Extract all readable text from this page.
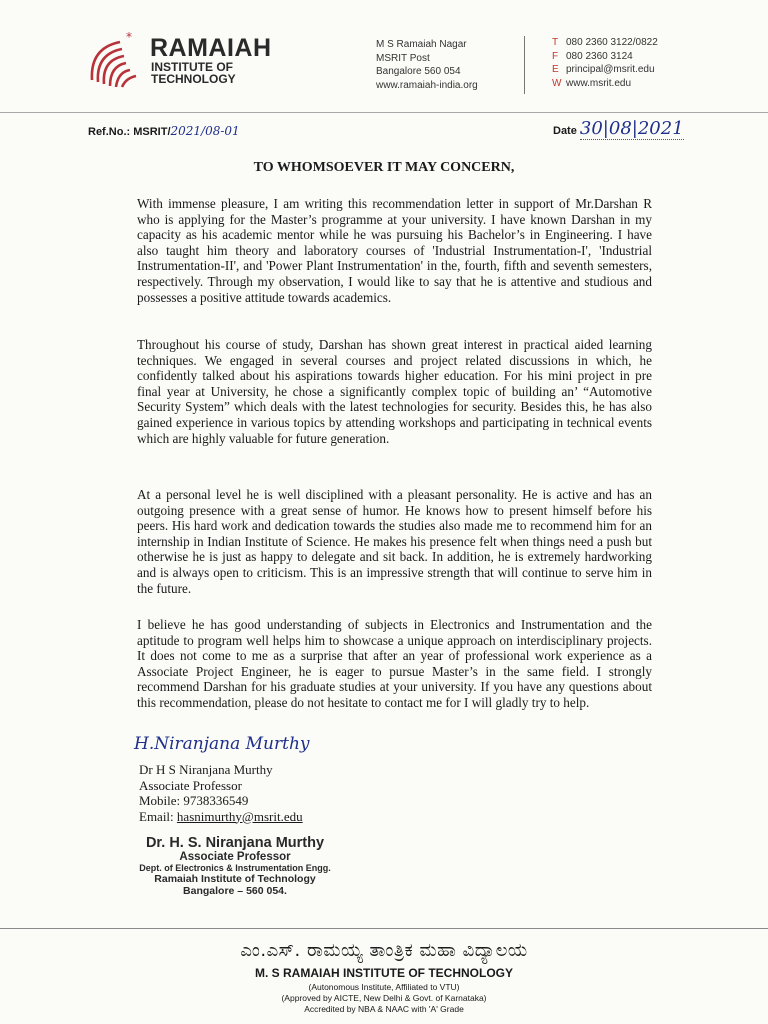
* RAMAIAH
INSTITUTE OF
TECHNOLOGY
M S Ramaiah Nagar
MSRIT Post
Bangalore 560 054
www.ramaiah-india.org
T 080 2360 3122/0822
F 080 2360 3124
E principal@msrit.edu
W www.msrit.edu
Ref.No.: MSRIT/2021/08-01	Date 30|08|2021
TO WHOMSOEVER IT MAY CONCERN,

With immense pleasure, I am writing this recommendation letter in support of Mr.Darshan R who is applying for the Master’s programme at your university. I have known Darshan in my capacity as his academic mentor while he was pursuing his Bachelor’s in Engineering. I have also taught him theory and laboratory courses of 'Industrial Instrumentation-I', 'Industrial Instrumentation-II', and 'Power Plant Instrumentation' in the, fourth, fifth and seventh semesters, respectively. Through my observation, I would like to say that he is attentive and studious and possesses a positive attitude towards academics.

Throughout his course of study, Darshan has shown great interest in practical aided learning techniques. We engaged in several courses and project related discussions in which, he confidently talked about his aspirations towards higher education. For his mini project in pre final year at University, he chose a significantly complex topic of building an’ “Automotive Security System” which deals with the latest technologies for security. Besides this, he has also gained experience in various topics by attending workshops and participating in technical events which are highly valuable for future generation.

At a personal level he is well disciplined with a pleasant personality. He is active and has an outgoing presence with a great sense of humor. He knows how to present himself before his peers. His hard work and dedication towards the studies also made me to recommend him for an internship in Indian Institute of Science. He makes his presence felt when things need a push but otherwise he is just as happy to delegate and sit back. In addition, he is extremely hardworking and is always open to criticism. This is an impressive strength that will continue to serve him in the future.

I believe he has good understanding of subjects in Electronics and Instrumentation and the aptitude to program well helps him to showcase a unique approach on interdisciplinary projects. It does not come to me as a surprise that after an year of professional work experience as a Associate Project Engineer, he is eager to pursue Master’s in the same field. I strongly recommend Darshan for his graduate studies at your university. If you have any questions about this recommendation, please do not hesitate to contact me for I will gladly try to help.

H.Niranjana Murthy
Dr H S Niranjana Murthy
Associate Professor
Mobile: 9738336549
Email: hasnimurthy@msrit.edu
Dr. H. S. Niranjana Murthy
Associate Professor
Dept. of Electronics & Instrumentation Engg.
Ramaiah Institute of Technology
Bangalore – 560 054.
ಎಂ.ಎಸ್. ರಾಮಯ್ಯ ತಾಂತ್ರಿಕ ಮಹಾ ವಿದ್ಯಾಲಯ
M. S RAMAIAH INSTITUTE OF TECHNOLOGY
(Autonomous Institute, Affiliated to VTU)
(Approved by AICTE, New Delhi & Govt. of Karnataka)
Accredited by NBA & NAAC with 'A' Grade
